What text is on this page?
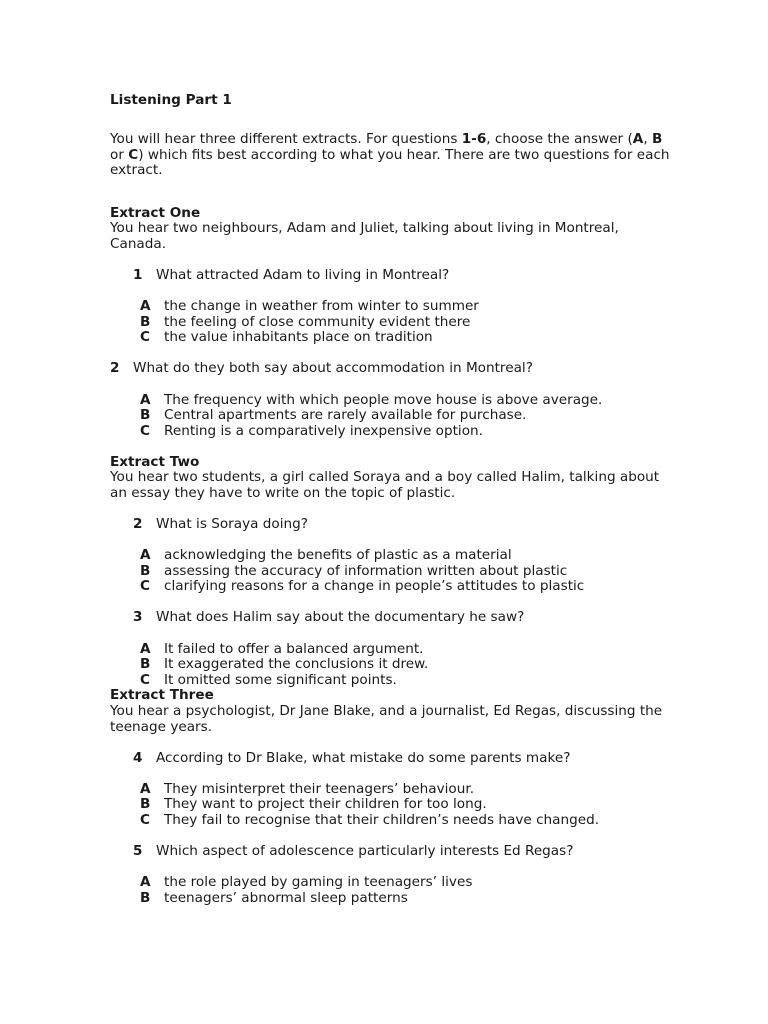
Listening Part 1

You will hear three different extracts. For questions 1-6, choose the answer (A, B or C) which fits best according to what you hear. There are two questions for each extract.

Extract One

You hear two neighbours, Adam and Juliet, talking about living in Montreal, Canada.

1 What attracted Adam to living in Montreal?

A the change in weather from winter to summer
B the feeling of close community evident there
C the value inhabitants place on tradition

2 What do they both say about accommodation in Montreal?

A The frequency with which people move house is above average.
B Central apartments are rarely available for purchase.
C Renting is a comparatively inexpensive option.

Extract Two

You hear two students, a girl called Soraya and a boy called Halim, talking about an essay they have to write on the topic of plastic.

2 What is Soraya doing?

A acknowledging the benefits of plastic as a material
B assessing the accuracy of information written about plastic
C clarifying reasons for a change in people’s attitudes to plastic

3 What does Halim say about the documentary he saw?

A It failed to offer a balanced argument.
B It exaggerated the conclusions it drew.
C It omitted some significant points.

Extract Three

You hear a psychologist, Dr Jane Blake, and a journalist, Ed Regas, discussing the teenage years.

4 According to Dr Blake, what mistake do some parents make?

A They misinterpret their teenagers’ behaviour.
B They want to project their children for too long.
C They fail to recognise that their children’s needs have changed.

5 Which aspect of adolescence particularly interests Ed Regas?

A the role played by gaming in teenagers’ lives
B teenagers’ abnormal sleep patterns
